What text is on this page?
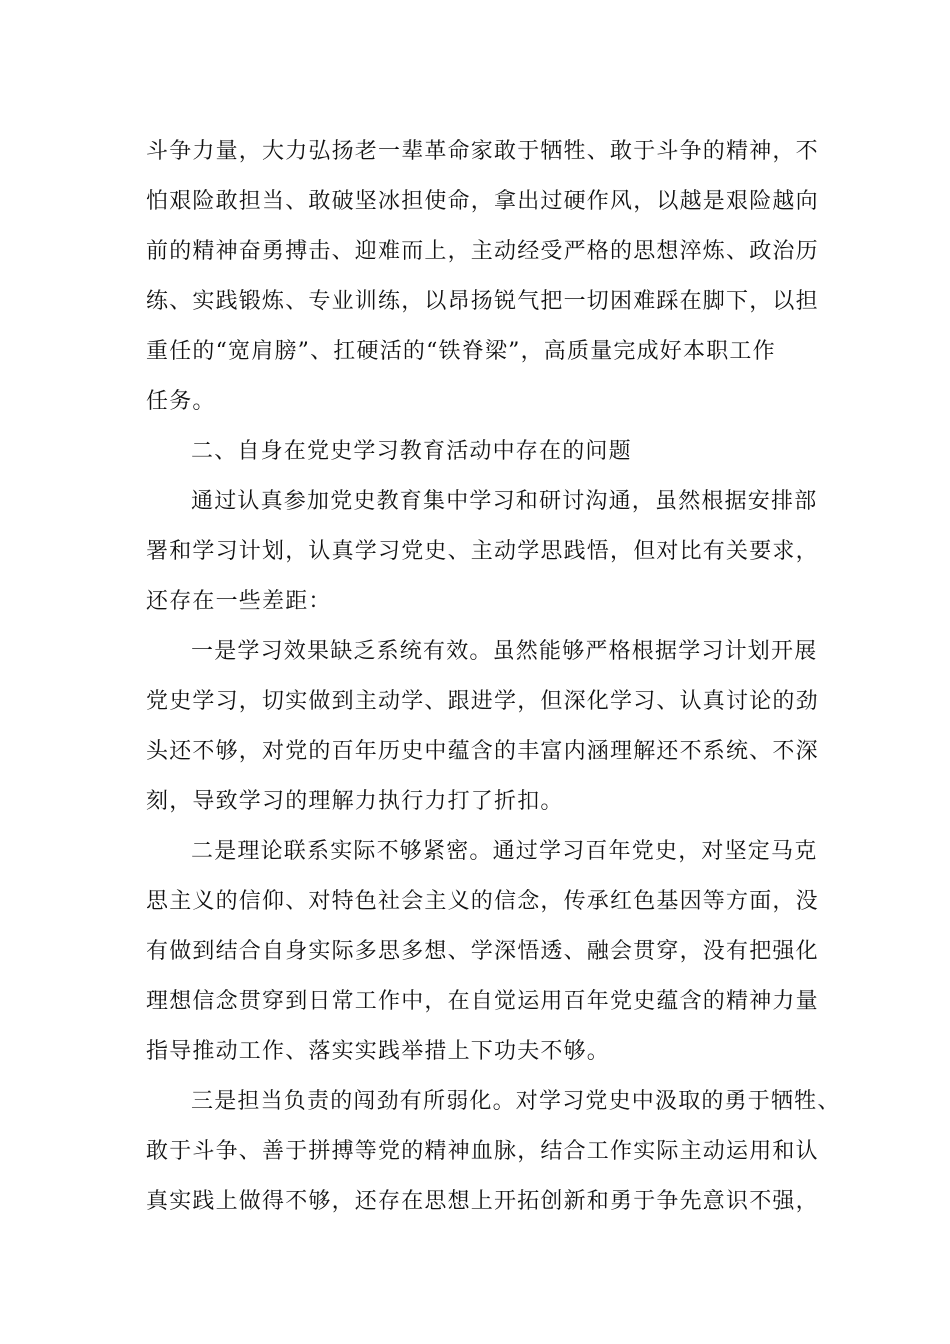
斗争力量，大力弘扬老一辈革命家敢于牺牲、敢于斗争的精神，不
怕艰险敢担当、敢破坚冰担使命，拿出过硬作风，以越是艰险越向
前的精神奋勇搏击、迎难而上，主动经受严格的思想淬炼、政治历
练、实践锻炼、专业训练，以昂扬锐气把一切困难踩在脚下，以担
重任的“宽肩膀”、扛硬活的“铁脊梁”，高质量完成好本职工作
任务。
二、自身在党史学习教育活动中存在的问题
通过认真参加党史教育集中学习和研讨沟通，虽然根据安排部
署和学习计划，认真学习党史、主动学思践悟，但对比有关要求，
还存在一些差距：
一是学习效果缺乏系统有效。虽然能够严格根据学习计划开展
党史学习，切实做到主动学、跟进学，但深化学习、认真讨论的劲
头还不够，对党的百年历史中蕴含的丰富内涵理解还不系统、不深
刻，导致学习的理解力执行力打了折扣。
二是理论联系实际不够紧密。通过学习百年党史，对坚定马克
思主义的信仰、对特色社会主义的信念，传承红色基因等方面，没
有做到结合自身实际多思多想、学深悟透、融会贯穿，没有把强化
理想信念贯穿到日常工作中，在自觉运用百年党史蕴含的精神力量
指导推动工作、落实实践举措上下功夫不够。
三是担当负责的闯劲有所弱化。对学习党史中汲取的勇于牺牲、
敢于斗争、善于拼搏等党的精神血脉，结合工作实际主动运用和认
真实践上做得不够，还存在思想上开拓创新和勇于争先意识不强，
